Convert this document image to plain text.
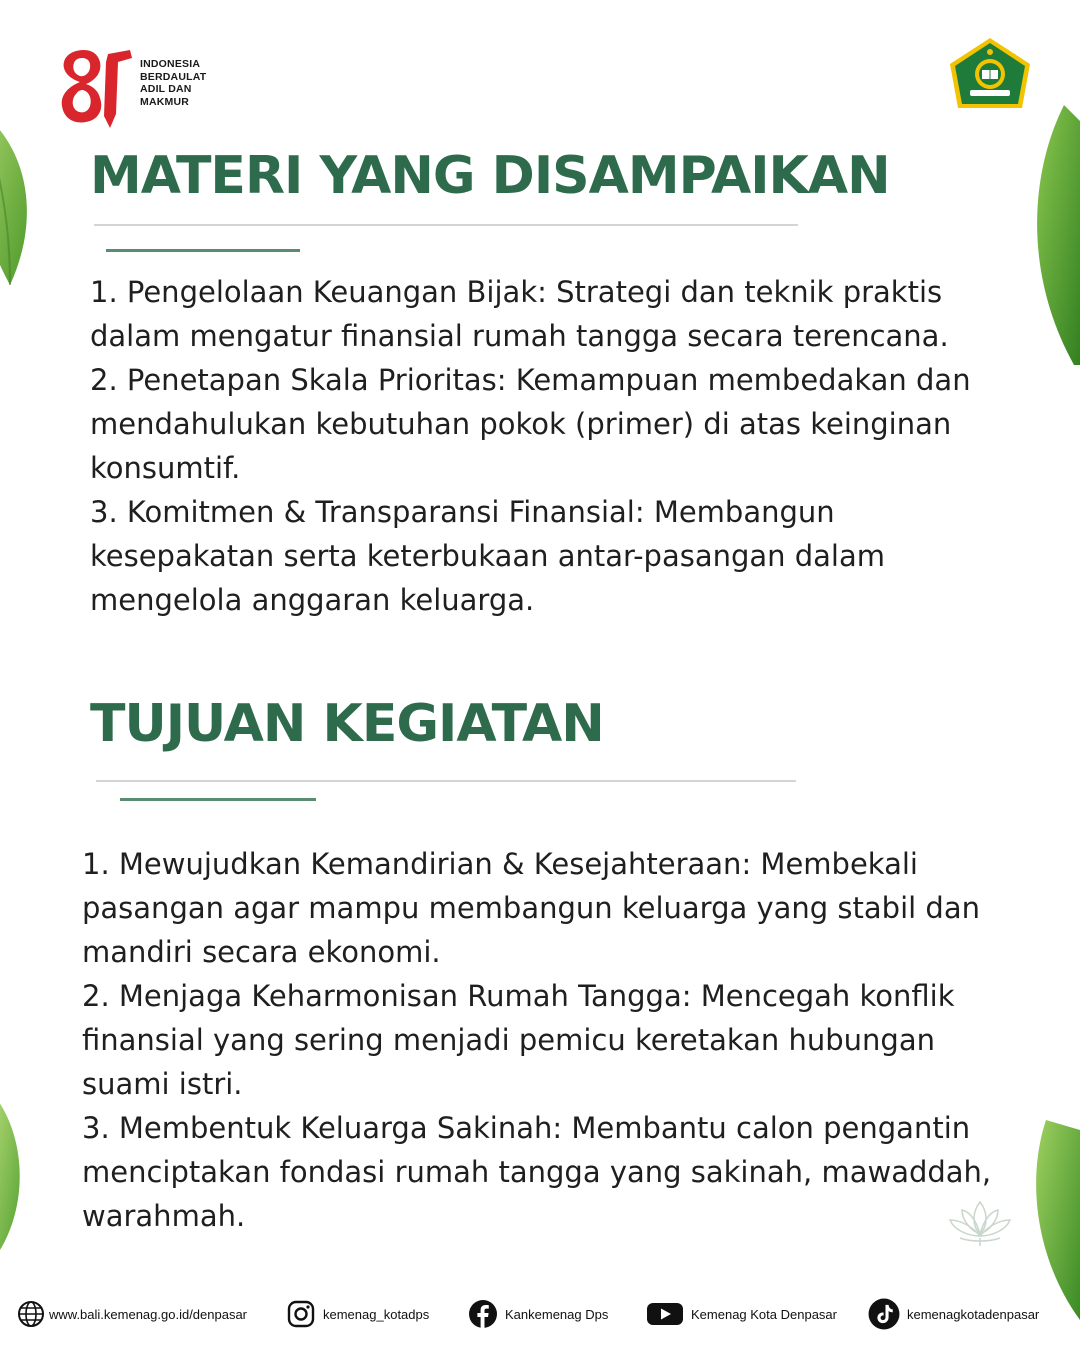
INDONESIA
BERDAULAT
ADIL DAN
MAKMUR
MATERI YANG DISAMPAIKAN
1. Pengelolaan Keuangan Bijak: Strategi dan teknik praktis dalam mengatur finansial rumah tangga secara terencana.
2. Penetapan Skala Prioritas: Kemampuan membedakan dan mendahulukan kebutuhan pokok (primer) di atas keinginan konsumtif.
3. Komitmen & Transparansi Finansial: Membangun kesepakatan serta keterbukaan antar-pasangan dalam mengelola anggaran keluarga.
TUJUAN KEGIATAN
1. Mewujudkan Kemandirian & Kesejahteraan: Membekali pasangan agar mampu membangun keluarga yang stabil dan mandiri secara ekonomi.
2. Menjaga Keharmonisan Rumah Tangga: Mencegah konflik finansial yang sering menjadi pemicu keretakan hubungan suami istri.
3. Membentuk Keluarga Sakinah: Membantu calon pengantin menciptakan fondasi rumah tangga yang sakinah, mawaddah, warahmah.
www.bali.kemenag.go.id/denpasar	kemenag_kotadps	Kankemenag Dps	Kemenag Kota Denpasar	kemenagkotadenpasar
